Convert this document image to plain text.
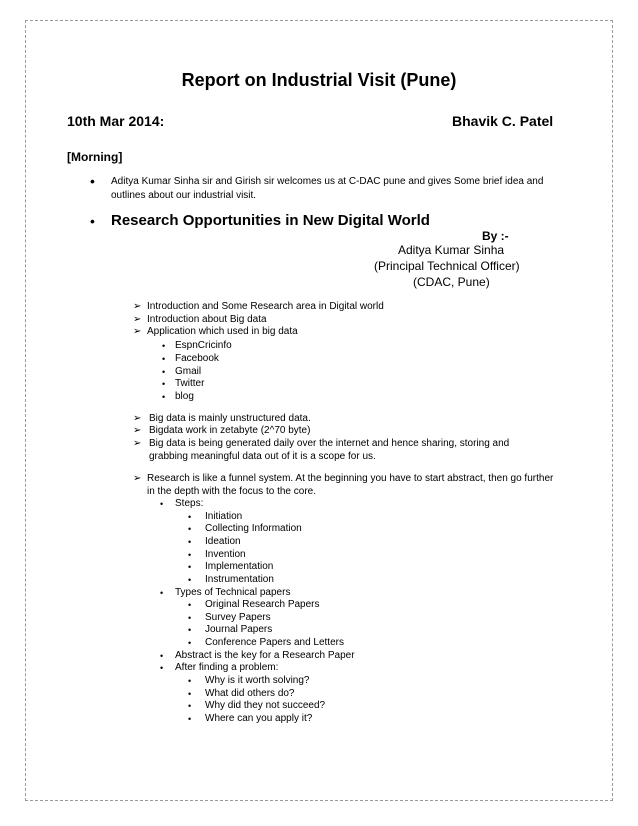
Report on Industrial Visit (Pune)
10th Mar 2014:	Bhavik C. Patel
[Morning]
• Aditya Kumar Sinha sir and Girish sir welcomes us at C-DAC pune and gives Some brief idea and outlines about our industrial visit.
• Research Opportunities in New Digital World
By :-
Aditya Kumar Sinha
(Principal Technical Officer)
(CDAC, Pune)
➢ Introduction and Some Research area in Digital world
➢ Introduction about Big data
➢ Application which used in big data
• EspnCricinfo
• Facebook
• Gmail
• Twitter
• blog
➢ Big data is mainly unstructured data.
➢ Bigdata work in zetabyte (2^70 byte)
➢ Big data is being generated daily over the internet and hence sharing, storing and grabbing meaningful data out of it is a scope for us.
➢ Research is like a funnel system. At the beginning you have to start abstract, then go further in the depth with the focus to the core.
• Steps:
• Initiation
• Collecting Information
• Ideation
• Invention
• Implementation
• Instrumentation
• Types of Technical papers
• Original Research Papers
• Survey Papers
• Journal Papers
• Conference Papers and Letters
• Abstract is the key for a Research Paper
• After finding a problem:
• Why is it worth solving?
• What did others do?
• Why did they not succeed?
• Where can you apply it?
